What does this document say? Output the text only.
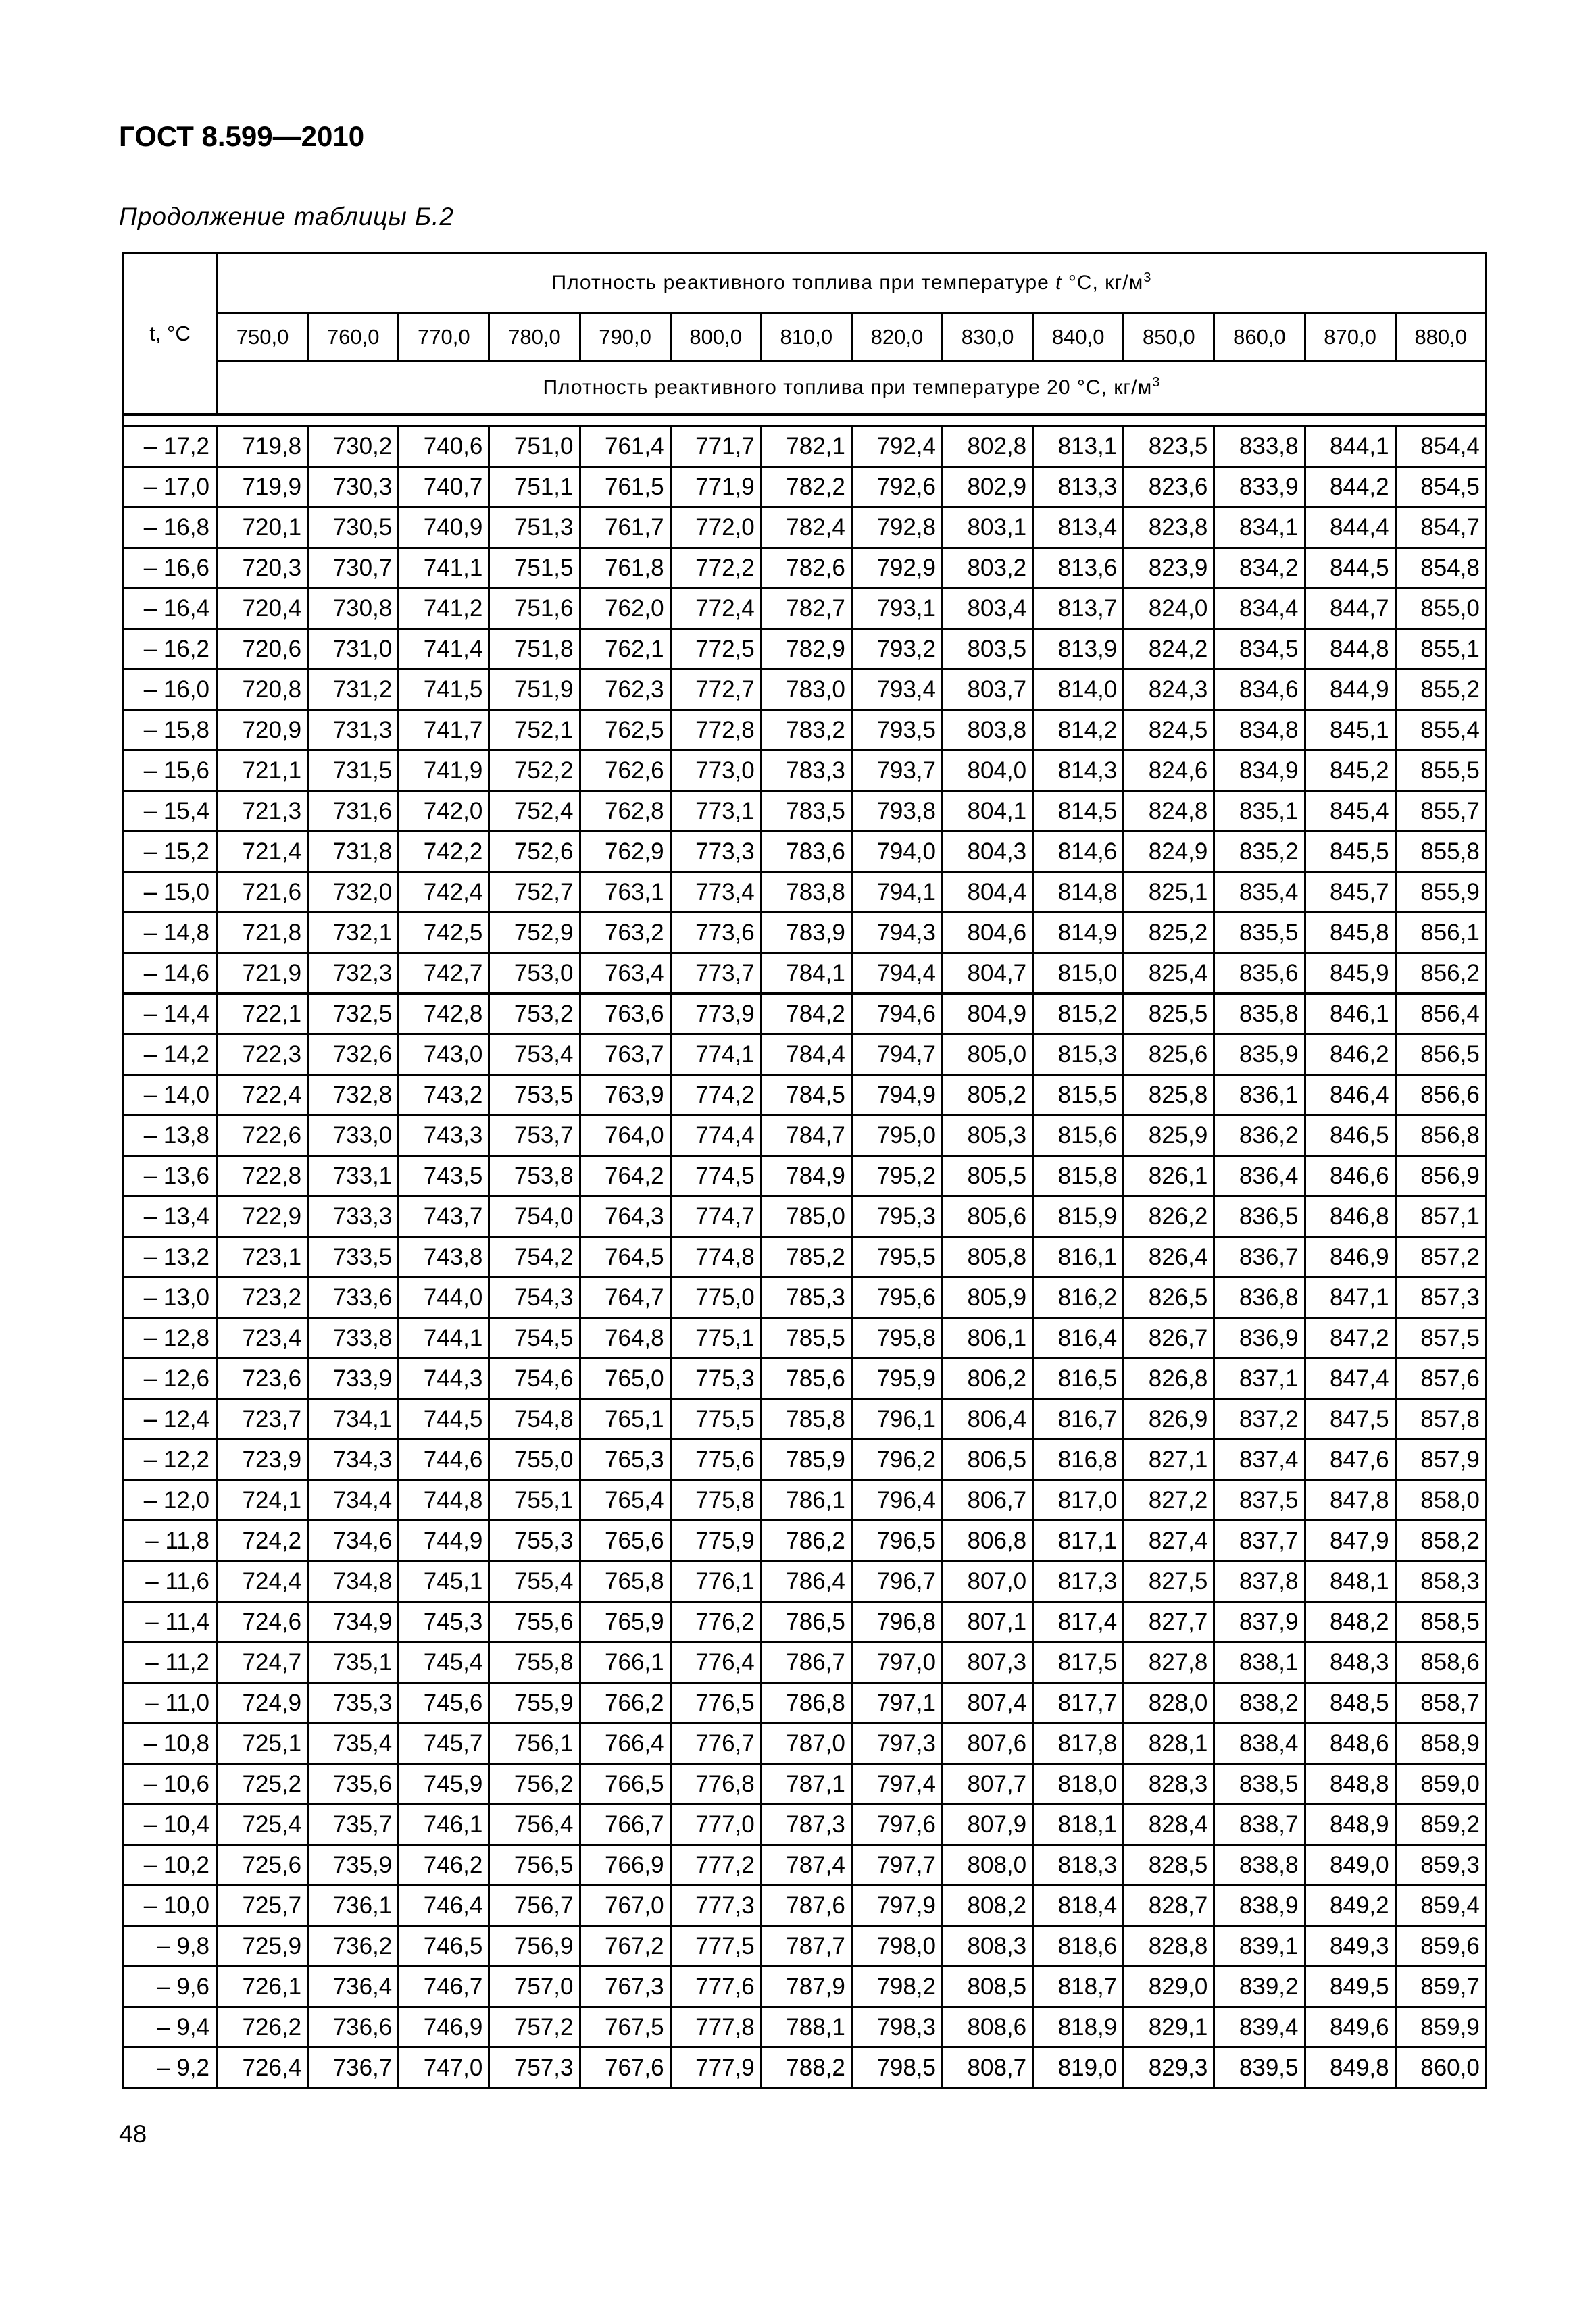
ГОСТ 8.599—2010
Продолжение таблицы Б.2
t, °С	Плотность реактивного топлива при температуре t °С, $кг/м^3$
	750,0	760,0	770,0	780,0	790,0	800,0	810,0	820,0	830,0	840,0	850,0	860,0	870,0	880,0
	Плотность реактивного топлива при температуре 20 °С, $кг/м^3$

– 17,2	719,8	730,2	740,6	751,0	761,4	771,7	782,1	792,4	802,8	813,1	823,5	833,8	844,1	854,4
– 17,0	719,9	730,3	740,7	751,1	761,5	771,9	782,2	792,6	802,9	813,3	823,6	833,9	844,2	854,5
– 16,8	720,1	730,5	740,9	751,3	761,7	772,0	782,4	792,8	803,1	813,4	823,8	834,1	844,4	854,7
– 16,6	720,3	730,7	741,1	751,5	761,8	772,2	782,6	792,9	803,2	813,6	823,9	834,2	844,5	854,8
– 16,4	720,4	730,8	741,2	751,6	762,0	772,4	782,7	793,1	803,4	813,7	824,0	834,4	844,7	855,0
– 16,2	720,6	731,0	741,4	751,8	762,1	772,5	782,9	793,2	803,5	813,9	824,2	834,5	844,8	855,1
– 16,0	720,8	731,2	741,5	751,9	762,3	772,7	783,0	793,4	803,7	814,0	824,3	834,6	844,9	855,2
– 15,8	720,9	731,3	741,7	752,1	762,5	772,8	783,2	793,5	803,8	814,2	824,5	834,8	845,1	855,4
– 15,6	721,1	731,5	741,9	752,2	762,6	773,0	783,3	793,7	804,0	814,3	824,6	834,9	845,2	855,5
– 15,4	721,3	731,6	742,0	752,4	762,8	773,1	783,5	793,8	804,1	814,5	824,8	835,1	845,4	855,7
– 15,2	721,4	731,8	742,2	752,6	762,9	773,3	783,6	794,0	804,3	814,6	824,9	835,2	845,5	855,8
– 15,0	721,6	732,0	742,4	752,7	763,1	773,4	783,8	794,1	804,4	814,8	825,1	835,4	845,7	855,9
– 14,8	721,8	732,1	742,5	752,9	763,2	773,6	783,9	794,3	804,6	814,9	825,2	835,5	845,8	856,1
– 14,6	721,9	732,3	742,7	753,0	763,4	773,7	784,1	794,4	804,7	815,0	825,4	835,6	845,9	856,2
– 14,4	722,1	732,5	742,8	753,2	763,6	773,9	784,2	794,6	804,9	815,2	825,5	835,8	846,1	856,4
– 14,2	722,3	732,6	743,0	753,4	763,7	774,1	784,4	794,7	805,0	815,3	825,6	835,9	846,2	856,5
– 14,0	722,4	732,8	743,2	753,5	763,9	774,2	784,5	794,9	805,2	815,5	825,8	836,1	846,4	856,6
– 13,8	722,6	733,0	743,3	753,7	764,0	774,4	784,7	795,0	805,3	815,6	825,9	836,2	846,5	856,8
– 13,6	722,8	733,1	743,5	753,8	764,2	774,5	784,9	795,2	805,5	815,8	826,1	836,4	846,6	856,9
– 13,4	722,9	733,3	743,7	754,0	764,3	774,7	785,0	795,3	805,6	815,9	826,2	836,5	846,8	857,1
– 13,2	723,1	733,5	743,8	754,2	764,5	774,8	785,2	795,5	805,8	816,1	826,4	836,7	846,9	857,2
– 13,0	723,2	733,6	744,0	754,3	764,7	775,0	785,3	795,6	805,9	816,2	826,5	836,8	847,1	857,3
– 12,8	723,4	733,8	744,1	754,5	764,8	775,1	785,5	795,8	806,1	816,4	826,7	836,9	847,2	857,5
– 12,6	723,6	733,9	744,3	754,6	765,0	775,3	785,6	795,9	806,2	816,5	826,8	837,1	847,4	857,6
– 12,4	723,7	734,1	744,5	754,8	765,1	775,5	785,8	796,1	806,4	816,7	826,9	837,2	847,5	857,8
– 12,2	723,9	734,3	744,6	755,0	765,3	775,6	785,9	796,2	806,5	816,8	827,1	837,4	847,6	857,9
– 12,0	724,1	734,4	744,8	755,1	765,4	775,8	786,1	796,4	806,7	817,0	827,2	837,5	847,8	858,0
– 11,8	724,2	734,6	744,9	755,3	765,6	775,9	786,2	796,5	806,8	817,1	827,4	837,7	847,9	858,2
– 11,6	724,4	734,8	745,1	755,4	765,8	776,1	786,4	796,7	807,0	817,3	827,5	837,8	848,1	858,3
– 11,4	724,6	734,9	745,3	755,6	765,9	776,2	786,5	796,8	807,1	817,4	827,7	837,9	848,2	858,5
– 11,2	724,7	735,1	745,4	755,8	766,1	776,4	786,7	797,0	807,3	817,5	827,8	838,1	848,3	858,6
– 11,0	724,9	735,3	745,6	755,9	766,2	776,5	786,8	797,1	807,4	817,7	828,0	838,2	848,5	858,7
– 10,8	725,1	735,4	745,7	756,1	766,4	776,7	787,0	797,3	807,6	817,8	828,1	838,4	848,6	858,9
– 10,6	725,2	735,6	745,9	756,2	766,5	776,8	787,1	797,4	807,7	818,0	828,3	838,5	848,8	859,0
– 10,4	725,4	735,7	746,1	756,4	766,7	777,0	787,3	797,6	807,9	818,1	828,4	838,7	848,9	859,2
– 10,2	725,6	735,9	746,2	756,5	766,9	777,2	787,4	797,7	808,0	818,3	828,5	838,8	849,0	859,3
– 10,0	725,7	736,1	746,4	756,7	767,0	777,3	787,6	797,9	808,2	818,4	828,7	838,9	849,2	859,4
– 9,8	725,9	736,2	746,5	756,9	767,2	777,5	787,7	798,0	808,3	818,6	828,8	839,1	849,3	859,6
– 9,6	726,1	736,4	746,7	757,0	767,3	777,6	787,9	798,2	808,5	818,7	829,0	839,2	849,5	859,7
– 9,4	726,2	736,6	746,9	757,2	767,5	777,8	788,1	798,3	808,6	818,9	829,1	839,4	849,6	859,9
– 9,2	726,4	736,7	747,0	757,3	767,6	777,9	788,2	798,5	808,7	819,0	829,3	839,5	849,8	860,0
48
